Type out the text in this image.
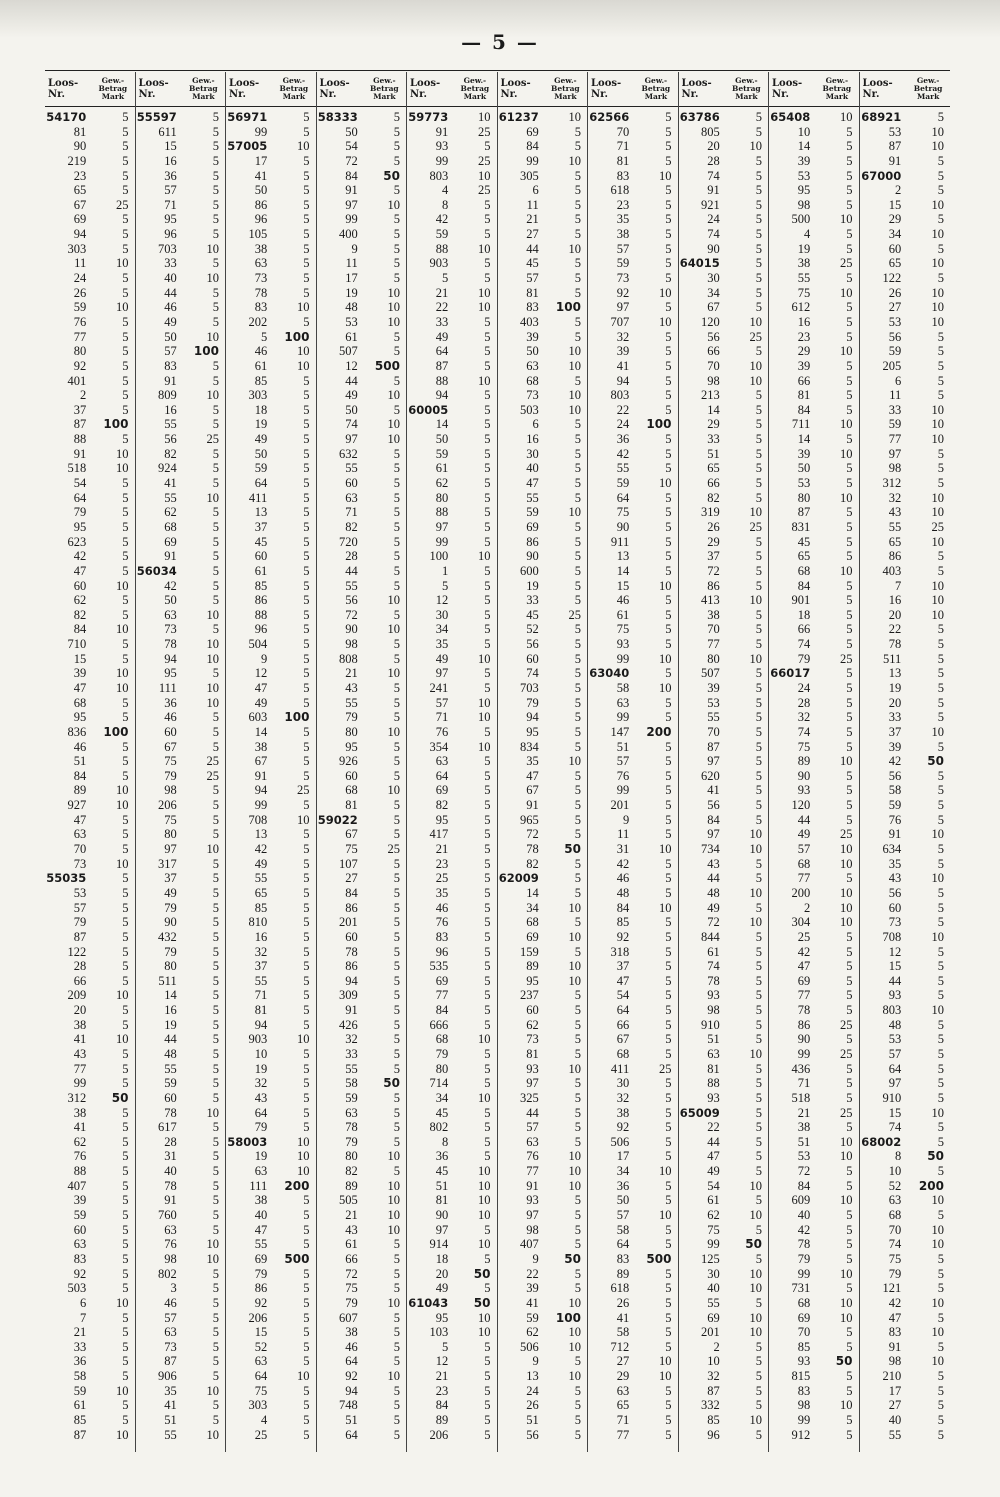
— 5 —
Loos-
Nr.
Gew.-
Betrag
Mark
54170	5
81	5
90	5
219	5
23	5
65	5
67	25
69	5
94	5
303	5
11	10
24	5
26	5
59	10
76	5
77	5
80	5
92	5
401	5
2	5
37	5
87	100
88	5
91	10
518	10
54	5
64	5
79	5
95	5
623	5
42	5
47	5
60	10
62	5
82	5
84	10
710	5
15	5
39	10
47	10
68	5
95	5
836	100
46	5
51	5
84	5
89	10
927	10
47	5
63	5
70	5
73	10
55035	5
53	5
57	5
79	5
87	5
122	5
28	5
66	5
209	10
20	5
38	5
41	10
43	5
77	5
99	5
312	50
38	5
41	5
62	5
76	5
88	5
407	5
39	5
59	5
60	5
63	5
83	5
92	5
503	5
6	10
7	5
21	5
33	5
36	5
58	5
59	10
61	5
85	5
87	10
Loos-
Nr.
Gew.-
Betrag
Mark
55597	5
611	5
15	5
16	5
36	5
57	5
71	5
95	5
96	5
703	10
33	5
40	10
44	5
46	5
49	5
50	10
57	100
83	5
91	5
809	10
16	5
55	5
56	25
82	5
924	5
41	5
55	10
62	5
68	5
69	5
91	5
56034	5
42	5
50	5
63	10
73	5
78	10
94	10
95	5
111	10
36	10
46	5
60	5
67	5
75	25
79	25
98	5
206	5
75	5
80	5
97	10
317	5
37	5
49	5
79	5
90	5
432	5
79	5
80	5
511	5
14	5
16	5
19	5
44	5
48	5
55	5
59	5
60	5
78	10
617	5
28	5
31	5
40	5
78	5
91	5
760	5
63	5
76	10
98	10
802	5
3	5
46	5
57	5
63	5
73	5
87	5
906	5
35	10
41	5
51	5
55	10
Loos-
Nr.
Gew.-
Betrag
Mark
56971	5
99	5
57005	10
17	5
41	5
50	5
86	5
96	5
105	5
38	5
63	5
73	5
78	5
83	10
202	5
5	100
46	10
61	10
85	5
303	5
18	5
19	5
49	5
50	5
59	5
64	5
411	5
13	5
37	5
45	5
60	5
61	5
85	5
86	5
88	5
96	5
504	5
9	5
12	5
47	5
49	5
603	100
14	5
38	5
67	5
91	5
94	25
99	5
708	10
13	5
42	5
49	5
55	5
65	5
85	5
810	5
16	5
32	5
37	5
55	5
71	5
81	5
94	5
903	10
10	5
19	5
32	5
43	5
64	5
79	5
58003	10
19	10
63	10
111	200
38	5
40	5
47	5
55	5
69	500
79	5
86	5
92	5
206	5
15	5
52	5
63	5
64	10
75	5
303	5
4	5
25	5
Loos-
Nr.
Gew.-
Betrag
Mark
58333	5
50	5
54	5
72	5
84	50
91	5
97	10
99	5
400	5
9	5
11	5
17	5
19	10
48	10
53	10
61	5
507	5
12	500
44	5
49	10
50	5
74	10
97	10
632	5
55	5
60	5
63	5
71	5
82	5
720	5
28	5
44	5
55	5
56	10
72	5
90	10
98	5
808	5
21	10
43	5
55	5
79	5
80	10
95	5
926	5
60	5
68	10
81	5
59022	5
67	5
75	25
107	5
27	5
84	5
86	5
201	5
60	5
78	5
86	5
94	5
309	5
91	5
426	5
32	5
33	5
55	5
58	50
59	5
63	5
78	5
79	5
80	10
82	5
89	10
505	10
21	10
43	10
61	5
66	5
72	5
75	5
79	10
607	5
38	5
46	5
64	5
92	10
94	5
748	5
51	5
64	5
Loos-
Nr.
Gew.-
Betrag
Mark
59773	10
91	25
93	5
99	25
803	10
4	25
8	5
42	5
59	5
88	10
903	5
5	5
21	10
22	10
33	5
49	5
64	5
87	5
88	10
94	5
60005	5
14	5
50	5
59	5
61	5
62	5
80	5
88	5
97	5
99	5
100	10
1	5
5	5
12	5
30	5
34	5
35	5
49	10
97	5
241	5
57	10
71	10
76	5
354	10
63	5
64	5
69	5
82	5
95	5
417	5
21	5
23	5
25	5
35	5
46	5
76	5
83	5
96	5
535	5
69	5
77	5
84	5
666	5
68	10
79	5
80	5
714	5
34	10
45	5
802	5
8	5
36	5
45	10
51	10
81	10
90	10
97	5
914	10
18	5
20	50
49	5
61043	50
95	10
103	10
5	5
12	5
21	5
23	5
84	5
89	5
206	5
Loos-
Nr.
Gew.-
Betrag
Mark
61237	10
69	5
84	5
99	10
305	5
6	5
11	5
21	5
27	5
44	10
45	5
57	5
81	5
83	100
403	5
39	5
50	10
63	10
68	5
73	10
503	10
6	5
16	5
30	5
40	5
47	5
55	5
59	10
69	5
86	5
90	5
600	5
19	5
33	5
45	25
52	5
56	5
60	5
74	5
703	5
79	5
94	5
95	5
834	5
35	10
47	5
67	5
91	5
965	5
72	5
78	50
82	5
62009	5
14	5
34	10
68	5
69	10
159	5
89	10
95	10
237	5
60	5
62	5
73	5
81	5
93	10
97	5
325	5
44	5
57	5
63	5
76	10
77	10
91	10
93	5
97	5
98	5
407	5
9	50
22	5
39	5
41	10
59	100
62	10
506	10
9	5
13	10
24	5
26	5
51	5
56	5
Loos-
Nr.
Gew.-
Betrag
Mark
62566	5
70	5
71	5
81	5
83	10
618	5
23	5
35	5
38	5
57	5
59	5
73	5
92	10
97	5
707	10
32	5
39	5
41	5
94	5
803	5
22	5
24	100
36	5
42	5
55	5
59	10
64	5
75	5
90	5
911	5
13	5
14	5
15	10
46	5
61	5
75	5
93	5
99	10
63040	5
58	10
63	5
99	5
147	200
51	5
57	5
76	5
99	5
201	5
9	5
11	5
31	10
42	5
46	5
48	5
84	10
85	5
92	5
318	5
37	5
47	5
54	5
64	5
66	5
67	5
68	5
411	25
30	5
32	5
38	5
92	5
506	5
17	5
34	10
36	5
50	5
57	10
58	5
64	5
83	500
89	5
618	5
26	5
41	5
58	5
712	5
27	10
29	10
63	5
65	5
71	5
77	5
Loos-
Nr.
Gew.-
Betrag
Mark
63786	5
805	5
20	10
28	5
74	5
91	5
921	5
24	5
74	5
90	5
64015	5
30	5
34	5
67	5
120	10
56	25
66	5
70	10
98	10
213	5
14	5
29	5
33	5
51	5
65	5
66	5
82	5
319	10
26	25
29	5
37	5
72	5
86	5
413	10
38	5
70	5
77	5
80	10
507	5
39	5
53	5
55	5
70	5
87	5
97	5
620	5
41	5
56	5
84	5
97	10
734	10
43	5
44	5
48	10
49	5
72	10
844	5
61	5
74	5
78	5
93	5
98	5
910	5
51	5
63	10
81	5
88	5
93	5
65009	5
22	5
44	5
47	5
49	5
54	10
61	5
62	10
75	5
99	50
125	5
30	10
40	10
55	5
69	10
201	10
2	5
10	5
32	5
87	5
332	5
85	10
96	5
Loos-
Nr.
Gew.-
Betrag
Mark
65408	10
10	5
14	5
39	5
53	5
95	5
98	5
500	10
4	5
19	5
38	25
55	5
75	10
612	5
16	5
23	5
29	10
39	5
66	5
81	5
84	5
711	10
14	5
39	10
50	5
53	5
80	10
87	5
831	5
45	5
65	5
68	10
84	5
901	5
18	5
66	5
74	5
79	25
66017	5
24	5
28	5
32	5
74	5
75	5
89	10
90	5
93	5
120	5
44	5
49	25
57	10
68	10
77	5
200	10
2	10
304	10
25	5
42	5
47	5
69	5
77	5
78	5
86	25
90	5
99	25
436	5
71	5
518	5
21	25
38	5
51	10
53	10
72	5
84	5
609	10
40	5
42	5
78	5
79	5
99	10
731	5
68	10
69	10
70	5
85	5
93	50
815	5
83	5
98	10
99	5
912	5
Loos-
Nr.
Gew.-
Betrag
Mark
68921	5
53	10
87	10
91	5
67000	5
2	5
15	10
29	5
34	10
60	5
65	10
122	5
26	10
27	10
53	10
56	5
59	5
205	5
6	5
11	5
33	10
59	10
77	10
97	5
98	5
312	5
32	10
43	10
55	25
65	10
86	5
403	5
7	10
16	10
20	10
22	5
78	5
511	5
13	5
19	5
20	5
33	5
37	10
39	5
42	50
56	5
58	5
59	5
76	5
91	10
634	5
35	5
43	10
56	5
60	5
73	5
708	10
12	5
15	5
44	5
93	5
803	10
48	5
53	5
57	5
64	5
97	5
910	5
15	10
74	5
68002	5
8	50
10	5
52	200
63	10
68	5
70	10
74	10
75	5
79	5
121	5
42	10
47	5
83	10
91	5
98	10
210	5
17	5
27	5
40	5
55	5
